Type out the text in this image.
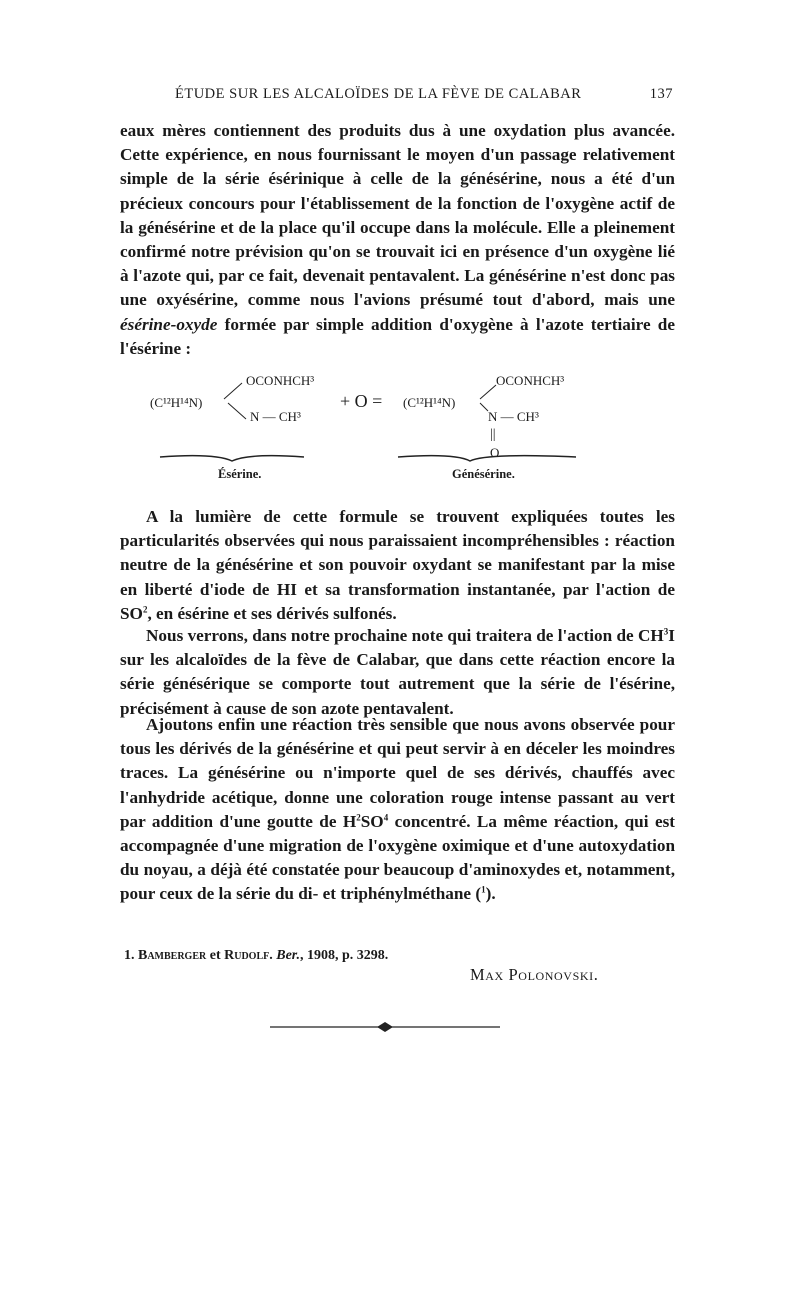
ÉTUDE SUR LES ALCALOÏDES DE LA FÈVE DE CALABAR	137
eaux mères contiennent des produits dus à une oxydation plus avancée. Cette expérience, en nous fournissant le moyen d'un passage relativement simple de la série ésérinique à celle de la génésérine, nous a été d'un précieux concours pour l'établissement de la fonction de l'oxygène actif de la génésérine et de la place qu'il occupe dans la molécule. Elle a pleinement confirmé notre prévision qu'on se trouvait ici en présence d'un oxygène lié à l'azote qui, par ce fait, devenait pentavalent. La génésérine n'est donc pas une oxyésérine, comme nous l'avions présumé tout d'abord, mais une ésérine-oxyde formée par simple addition d'oxygène à l'azote tertiaire de l'ésérine :
(C¹²H¹⁴N)
OCONHCH³
N — CH³
+ O = (C¹²H¹⁴N)
OCONHCH³
N — CH³
||
O
Ésérine.	Génésérine.
A la lumière de cette formule se trouvent expliquées toutes les particularités observées qui nous paraissaient incompréhensibles : réaction neutre de la génésérine et son pouvoir oxydant se manifestant par la mise en liberté d'iode de HI et sa transformation instantanée, par l'action de $SO^2$, en ésérine et ses dérivés sulfonés.
Nous verrons, dans notre prochaine note qui traitera de l'action de $CH^3I$ sur les alcaloïdes de la fève de Calabar, que dans cette réaction encore la série génésérique se comporte tout autrement que la série de l'ésérine, précisément à cause de son azote pentavalent.
Ajoutons enfin une réaction très sensible que nous avons observée pour tous les dérivés de la génésérine et qui peut servir à en déceler les moindres traces. La génésérine ou n'importe quel de ses dérivés, chauffés avec l'anhydride acétique, donne une coloration rouge intense passant au vert par addition d'une goutte de $H^2SO^4$ concentré. La même réaction, qui est accompagnée d'une migration de l'oxygène oximique et d'une autoxydation du noyau, a déjà été constatée pour beaucoup d'aminoxydes et, notamment, pour ceux de la série du di- et triphénylméthane ($^1$).
1. Bamberger et Rudolf. Ber., 1908, p. 3298.
Max Polonovski.
